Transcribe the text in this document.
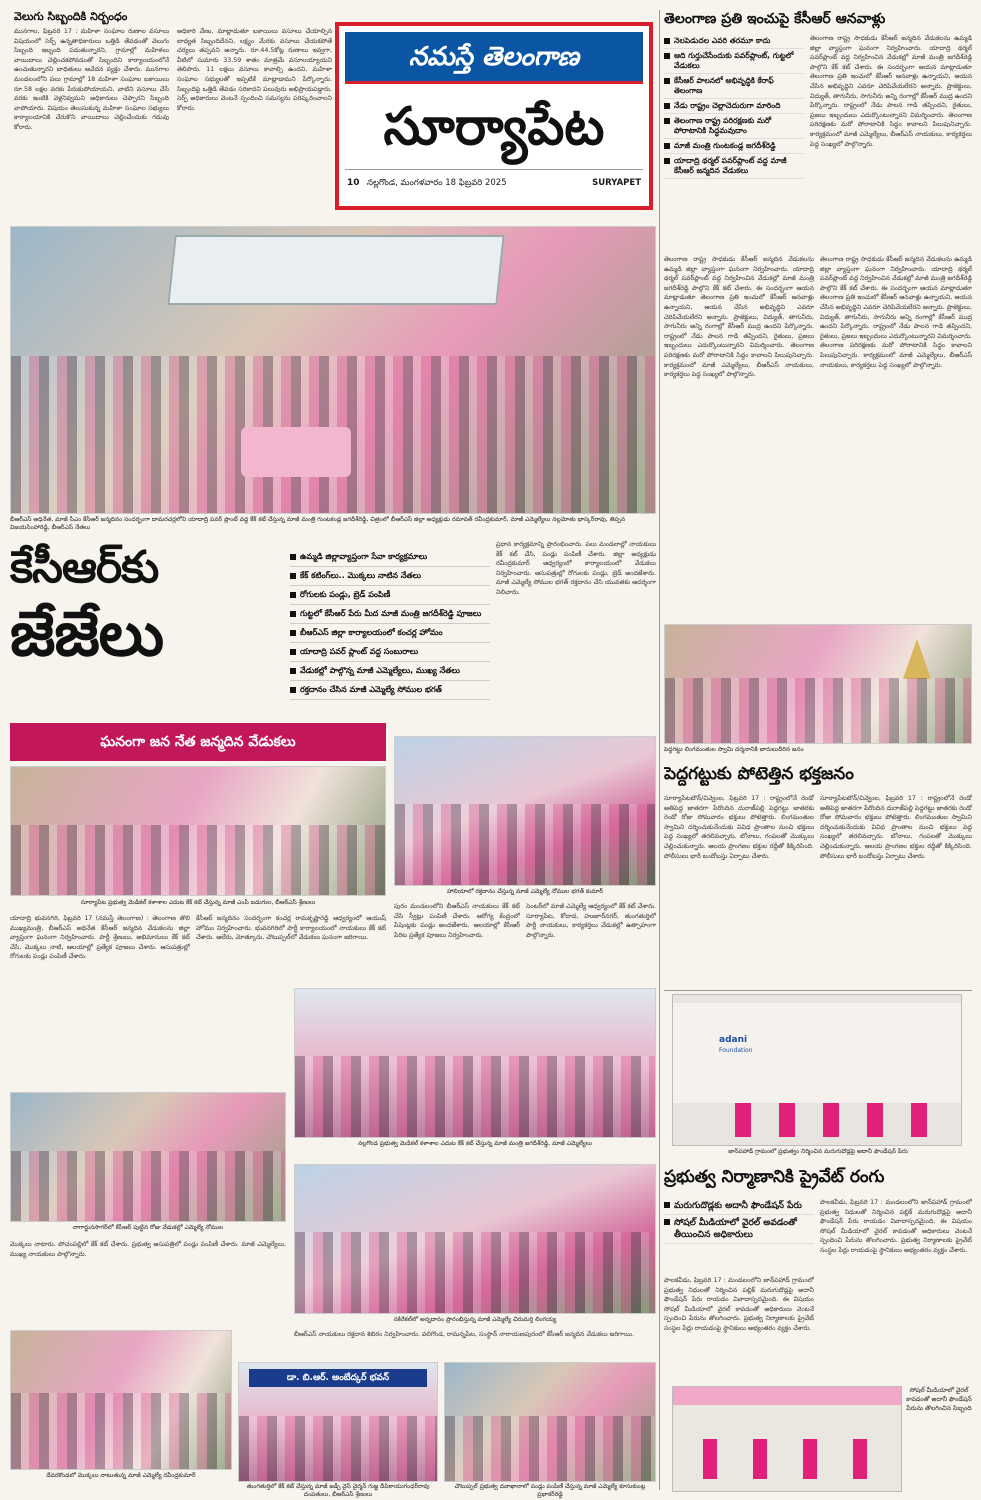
వెలుగు సిబ్బందికి నిర్బంధం
మునగాల, ఫిబ్రవరి 17 : మహిళా సంఘాల రుణాల వసూలు విషయంలో సెర్ప్ ఉన్నతాధికారులు ఒత్తిడి తేవడంతో వెలుగు సిబ్బంది ఇబ్బంది పడుతున్నారని, గ్రామాల్లో మహిళలు వాయిదాలు చెల్లించకపోవడంతో సిబ్బందిని కార్యాలయంలోనే ఉంచుతున్నారని బాధితులు ఆవేదన వ్యక్తం చేశారు. మునగాల మండలంలోని పలు గ్రామాల్లో 18 మహిళా సంఘాల బకాయిలు రూ.58 లక్షల వరకు పేరుకుపోయాయని, వాటిని వసూలు చేసే వరకు ఇంటికి వెళ్లనివ్వమని అధికారులు చెప్పారని సిబ్బంది వాపోయారు. విషయం తెలుసుకున్న మహిళా సంఘాల సభ్యులు కార్యాలయానికి చేరుకొని వాయిదాలు చెల్లించేందుకు గడువు కోరారు.
అధికారి వేణు, మాట్లాడుతూ బకాయిలు వసూలు చేయాల్సిన బాధ్యత సిబ్బందిదేనని, లక్ష్యం మేరకు వసూలు చేయకపోతే చర్యలు తప్పవని అన్నారు. రూ.44.5కోట్ల రుణాలు ఇవ్వగా, వీటిలో సుమారు 33.59 శాతం మాత్రమే వసూలయ్యాయని తెలిపారు. 11 లక్షలు వసూలు కావాల్సి ఉందని, మహిళా సంఘాల సభ్యులతో ఇప్పటికే మాట్లాడామని పేర్కొన్నారు. సిబ్బందిపై ఒత్తిడి తేవడం సరికాదని పలువురు అభిప్రాయపడ్డారు. సెర్ప్ అధికారులు వెంటనే స్పందించి సమస్యను పరిష్కరించాలని కోరారు.
నమస్తే తెలంగాణ
సూర్యాపేట
10 నల్లగొండ, మంగళవారం 18 ఫిబ్రవరి 2025	SURYAPET
తెలంగాణ ప్రతి ఇంచుపై కేసీఆర్ ఆనవాళ్లు
నెలపెడుదల ఎవరి తరమూ కాదు
ఆది గుర్తుచేసేందుకు పవర్‌ప్లాంట్, గుట్టలో వేడుకలు
కేసీఆర్ పాలనలో అభివృద్ధికి కేరాఫ్ తెలంగాణ
నేడు రాష్ట్రం చెల్లాచెదురుగా మారింది
తెలంగాణ రాష్ట్ర పరిరక్షణకు మరో పోరాటానికి సిద్ధమవుదాం
మాజీ మంత్రి గుంటకండ్ల జగదీశ్‌రెడ్డి
యాదాద్రి థర్మల్ పవర్‌ప్లాంట్ వద్ద మాజీ కేసీఆర్ జన్మదిన వేడుకలు
తెలంగాణ రాష్ట్ర సాధకుడు కేసీఆర్ జన్మదిన వేడుకలను ఉమ్మడి జిల్లా వ్యాప్తంగా ఘనంగా నిర్వహించారు. యాదాద్రి థర్మల్ పవర్‌ప్లాంట్ వద్ద నిర్వహించిన వేడుకల్లో మాజీ మంత్రి జగదీశ్‌రెడ్డి పాల్గొని కేక్ కట్ చేశారు. ఈ సందర్భంగా ఆయన మాట్లాడుతూ తెలంగాణ ప్రతి ఇంచులో కేసీఆర్ ఆనవాళ్లు ఉన్నాయని, ఆయన చేసిన అభివృద్ధిని ఎవరూ చెరిపివేయలేరని అన్నారు. ప్రాజెక్టులు, విద్యుత్, తాగునీరు, సాగునీరు అన్ని రంగాల్లో కేసీఆర్ ముద్ర ఉందని పేర్కొన్నారు. రాష్ట్రంలో నేడు పాలన గాడి తప్పిందని, రైతులు, ప్రజలు ఇబ్బందులు ఎదుర్కొంటున్నారని విమర్శించారు. తెలంగాణ పరిరక్షణకు మరో పోరాటానికి సిద్ధం కావాలని పిలుపునిచ్చారు. కార్యక్రమంలో మాజీ ఎమ్మెల్యేలు, బీఆర్‌ఎస్ నాయకులు, కార్యకర్తలు పెద్ద సంఖ్యలో పాల్గొన్నారు.
తెలంగాణ రాష్ట్ర సాధకుడు కేసీఆర్ జన్మదిన వేడుకలను ఉమ్మడి జిల్లా వ్యాప్తంగా ఘనంగా నిర్వహించారు. యాదాద్రి థర్మల్ పవర్‌ప్లాంట్ వద్ద నిర్వహించిన వేడుకల్లో మాజీ మంత్రి జగదీశ్‌రెడ్డి పాల్గొని కేక్ కట్ చేశారు. ఈ సందర్భంగా ఆయన మాట్లాడుతూ తెలంగాణ ప్రతి ఇంచులో కేసీఆర్ ఆనవాళ్లు ఉన్నాయని, ఆయన చేసిన అభివృద్ధిని ఎవరూ చెరిపివేయలేరని అన్నారు. ప్రాజెక్టులు, విద్యుత్, తాగునీరు, సాగునీరు అన్ని రంగాల్లో కేసీఆర్ ముద్ర ఉందని పేర్కొన్నారు. రాష్ట్రంలో నేడు పాలన గాడి తప్పిందని, రైతులు, ప్రజలు ఇబ్బందులు ఎదుర్కొంటున్నారని విమర్శించారు. తెలంగాణ పరిరక్షణకు మరో పోరాటానికి సిద్ధం కావాలని పిలుపునిచ్చారు. కార్యక్రమంలో మాజీ ఎమ్మెల్యేలు, బీఆర్‌ఎస్ నాయకులు, కార్యకర్తలు పెద్ద సంఖ్యలో పాల్గొన్నారు.
తెలంగాణ రాష్ట్ర సాధకుడు కేసీఆర్ జన్మదిన వేడుకలను ఉమ్మడి జిల్లా వ్యాప్తంగా ఘనంగా నిర్వహించారు. యాదాద్రి థర్మల్ పవర్‌ప్లాంట్ వద్ద నిర్వహించిన వేడుకల్లో మాజీ మంత్రి జగదీశ్‌రెడ్డి పాల్గొని కేక్ కట్ చేశారు. ఈ సందర్భంగా ఆయన మాట్లాడుతూ తెలంగాణ ప్రతి ఇంచులో కేసీఆర్ ఆనవాళ్లు ఉన్నాయని, ఆయన చేసిన అభివృద్ధిని ఎవరూ చెరిపివేయలేరని అన్నారు. ప్రాజెక్టులు, విద్యుత్, తాగునీరు, సాగునీరు అన్ని రంగాల్లో కేసీఆర్ ముద్ర ఉందని పేర్కొన్నారు. రాష్ట్రంలో నేడు పాలన గాడి తప్పిందని, రైతులు, ప్రజలు ఇబ్బందులు ఎదుర్కొంటున్నారని విమర్శించారు. తెలంగాణ పరిరక్షణకు మరో పోరాటానికి సిద్ధం కావాలని పిలుపునిచ్చారు. కార్యక్రమంలో మాజీ ఎమ్మెల్యేలు, బీఆర్‌ఎస్ నాయకులు, కార్యకర్తలు పెద్ద సంఖ్యలో పాల్గొన్నారు.
బీఆర్‌ఎస్ అధినేత, మాజీ సీఎం కేసీఆర్ జన్మదినం సందర్భంగా దామరచర్లలోని యాదాద్రి పవర్ ప్లాంట్ వద్ద కేక్ కట్ చేస్తున్న మాజీ మంత్రి గుంటకండ్ల జగదీశ్‌రెడ్డి, చిత్రంలో బీఆర్‌ఎస్ జిల్లా అధ్యక్షుడు రమావత్ రవీంద్రకుమార్, మాజీ ఎమ్మెల్యేలు నల్లమోతు భాస్కర్‌రావు, తిప్పన విజయసింహారెడ్డి, బీఆర్‌ఎస్ నేతలు
కేసీఆర్‌కు
జేజేలు
ఉమ్మడి జిల్లావ్యాప్తంగా సేవా కార్యక్రమాలు
కేక్ కటింగ్‌లు.. మొక్కలు నాటిన నేతలు
రోగులకు పండ్లు, బ్రెడ్ పంపిణీ
గుట్టలో కేసీఆర్ పేరు మీద మాజీ మంత్రి జగదీశ్‌రెడ్డి పూజలు
బీఆర్‌ఎస్ జిల్లా కార్యాలయంలో కంచర్ల హోమం
యాదాద్రి పవర్ ప్లాంట్ వద్ద సంబురాలు
వేడుకల్లో పాల్గొన్న మాజీ ఎమ్మెల్యేలు, ముఖ్య నేతలు
రక్తదానం చేసిన మాజీ ఎమ్మెల్యే సోముల భగత్
ప్రధాన కార్యక్రమాన్ని ప్రారంభించారు. పలు మండలాల్లో నాయకులు కేక్ కట్ చేసి, పండ్లు పంపిణీ చేశారు. జిల్లా అధ్యక్షుడు రవీంద్రకుమార్ ఆధ్వర్యంలో కార్యాలయంలో వేడుకలు నిర్వహించారు. ఆసుపత్రుల్లో రోగులకు పండ్లు, బ్రెడ్ అందజేశారు. మాజీ ఎమ్మెల్యే సోముల భగత్ రక్తదానం చేసి యువతకు ఆదర్శంగా నిలిచారు.
ఘనంగా జన నేత జన్మదిన వేడుకలు
హాలియాలో రక్తదానం చేస్తున్న మాజీ ఎమ్మెల్యే నోముల భగత్ కుమార్
సూర్యాపేట ప్రభుత్వ మెడికల్ కళాశాల ఎదుట కేక్ కట్ చేస్తున్న మాజీ ఎంపీ బడుగుల, బీఆర్‌ఎస్ శ్రేణులు
యాదాద్రి భువనగిరి, ఫిబ్రవరి 17 (నమస్తే తెలంగాణ) : తెలంగాణ తొలి ముఖ్యమంత్రి, బీఆర్‌ఎస్ అధినేత కేసీఆర్ జన్మదిన వేడుకలను జిల్లా వ్యాప్తంగా ఘనంగా నిర్వహించారు. పార్టీ శ్రేణులు, అభిమానులు కేక్ కట్ చేసి, మొక్కలు నాటి, ఆలయాల్లో ప్రత్యేక పూజలు చేశారు. ఆసుపత్రుల్లో రోగులకు పండ్లు పంపిణీ చేశారు.
కేసీఆర్ జన్మదినం సందర్భంగా కంచర్ల రామకృష్ణారెడ్డి ఆధ్వర్యంలో ఆయుష్ హోమం నిర్వహించారు. భువనగిరిలో పార్టీ కార్యాలయంలో నాయకులు కేక్ కట్ చేశారు. ఆలేరు, మోత్కూరు, చౌటుప్పల్‌లో వేడుకలు ఘనంగా జరిగాయి.
పురం మండలంలోని బీఆర్‌ఎస్ నాయకులు కేక్ కట్ చేసి స్వీట్లు పంపిణీ చేశారు. ఆరోగ్య కేంద్రంలో పేషెంట్లకు పండ్లు అందజేశారు. ఆలయాల్లో కేసీఆర్ పేరిట ప్రత్యేక పూజలు నిర్వహించారు.
సెంటర్‌లో మాజీ ఎమ్మెల్యే ఆధ్వర్యంలో కేక్ కట్ చేశారు. సూర్యాపేట, కోదాడ, హుజూర్‌నగర్, తుంగతుర్తిలో పార్టీ నాయకులు, కార్యకర్తలు వేడుకల్లో ఉత్సాహంగా పాల్గొన్నారు.
నల్లగొండ ప్రభుత్వ మెడికల్ కళాశాల ఎదుట కేక్ కట్ చేస్తున్న మాజీ మంత్రి జగదీశ్‌రెడ్డి, మాజీ ఎమ్మెల్యేలు
నాగార్జునసాగర్‌లో కేసీఆర్ పుట్టిన రోజు వేడుకల్లో ఎమ్మెల్యే నోముల
నకిరేకల్‌లో అన్నదానం ప్రారంభిస్తున్న మాజీ ఎమ్మెల్యే చిరుమర్తి లింగయ్య
మొక్కలు నాటారు. పోచంపల్లిలో కేక్ కట్ చేశారు. ప్రభుత్వ ఆసుపత్రిలో పండ్లు పంపిణీ చేశారు. మాజీ ఎమ్మెల్యేలు, ముఖ్య నాయకులు పాల్గొన్నారు.
బీఆర్‌ఎస్ నాయకులు రక్తదాన శిబిరం నిర్వహించారు. వలిగొండ, రామన్నపేట, సంస్థాన్ నారాయణపురంలో కేసీఆర్ జన్మదిన వేడుకలు జరిగాయి.
దేవరకొండలో మొక్కలు నాటుతున్న మాజీ ఎమ్మెల్యే రవీంద్రకుమార్
డా. బి.ఆర్. అంబేద్కర్ భవన్
తుంగతుర్తిలో కేక్ కట్ చేస్తున్న మాజీ జడ్పీ వైస్ చైర్మన్ గుజ్జ దీపికాయుగంధర్‌రావు దంపతులు, బీఆర్‌ఎస్ శ్రేణులు
చౌటుప్పల్ ప్రభుత్వ దవాఖానాలో పండ్లు పంపిణీ చేస్తున్న మాజీ ఎమ్మెల్యే కూసుకుంట్ల ప్రభాకర్‌రెడ్డి
పెద్దగట్టు లింగమంతుల స్వామి దర్శనానికి బారులుదీరిన జనం
పెద్దగట్టుకు పోటెత్తిన భక్తజనం
సూర్యాపేటటౌన్/చివ్వెంల, ఫిబ్రవరి 17 : రాష్ట్రంలోనే రెండో అతిపెద్ద జాతరగా పేరొందిన దురాజ్‌పల్లి పెద్దగట్టు జాతరకు రెండో రోజు సోమవారం భక్తులు పోటెత్తారు. లింగమంతుల స్వామిని దర్శించుకునేందుకు వివిధ ప్రాంతాల నుంచి భక్తులు పెద్ద సంఖ్యలో తరలివచ్చారు. బోనాలు, గంపలతో మొక్కులు చెల్లించుకున్నారు. ఆలయ ప్రాంగణం భక్తుల రద్దీతో కిక్కిరిసింది. పోలీసులు భారీ బందోబస్తు ఏర్పాటు చేశారు.
సూర్యాపేటటౌన్/చివ్వెంల, ఫిబ్రవరి 17 : రాష్ట్రంలోనే రెండో అతిపెద్ద జాతరగా పేరొందిన దురాజ్‌పల్లి పెద్దగట్టు జాతరకు రెండో రోజు సోమవారం భక్తులు పోటెత్తారు. లింగమంతుల స్వామిని దర్శించుకునేందుకు వివిధ ప్రాంతాల నుంచి భక్తులు పెద్ద సంఖ్యలో తరలివచ్చారు. బోనాలు, గంపలతో మొక్కులు చెల్లించుకున్నారు. ఆలయ ప్రాంగణం భక్తుల రద్దీతో కిక్కిరిసింది. పోలీసులు భారీ బందోబస్తు ఏర్పాటు చేశారు.
adani
Foundation
జాన్‌పహాడ్ గ్రామంలో ప్రభుత్వం నిర్మించిన మరుగుదొడ్లపై అదానీ ఫౌండేషన్ పేరు
ప్రభుత్వ నిర్మాణానికి ప్రైవేట్ రంగు
మరుగుదొడ్లకు అదానీ ఫౌండేషన్ పేరు
సోషల్ మీడియాలో వైరల్ అవడంతో తీయించిన అధికారులు
పాలకవీడు, ఫిబ్రవరి 17 : మండలంలోని జాన్‌పహాడ్ గ్రామంలో ప్రభుత్వ నిధులతో నిర్మించిన పబ్లిక్ మరుగుదొడ్లపై అదానీ ఫౌండేషన్ పేరు రాయడం వివాదాస్పదమైంది. ఈ విషయం సోషల్ మీడియాలో వైరల్ కావడంతో అధికారులు వెంటనే స్పందించి పేరును తొలగించారు. ప్రభుత్వ నిర్మాణాలకు ప్రైవేట్ సంస్థల పేర్లు రాయడంపై స్థానికులు అభ్యంతరం వ్యక్తం చేశారు.
పాలకవీడు, ఫిబ్రవరి 17 : మండలంలోని జాన్‌పహాడ్ గ్రామంలో ప్రభుత్వ నిధులతో నిర్మించిన పబ్లిక్ మరుగుదొడ్లపై అదానీ ఫౌండేషన్ పేరు రాయడం వివాదాస్పదమైంది. ఈ విషయం సోషల్ మీడియాలో వైరల్ కావడంతో అధికారులు వెంటనే స్పందించి పేరును తొలగించారు. ప్రభుత్వ నిర్మాణాలకు ప్రైవేట్ సంస్థల పేర్లు రాయడంపై స్థానికులు అభ్యంతరం వ్యక్తం చేశారు.
సోషల్ మీడియాలో వైరల్ కావడంతో అదానీ ఫౌండేషన్ పేరును తొలగించిన సిబ్బంది
